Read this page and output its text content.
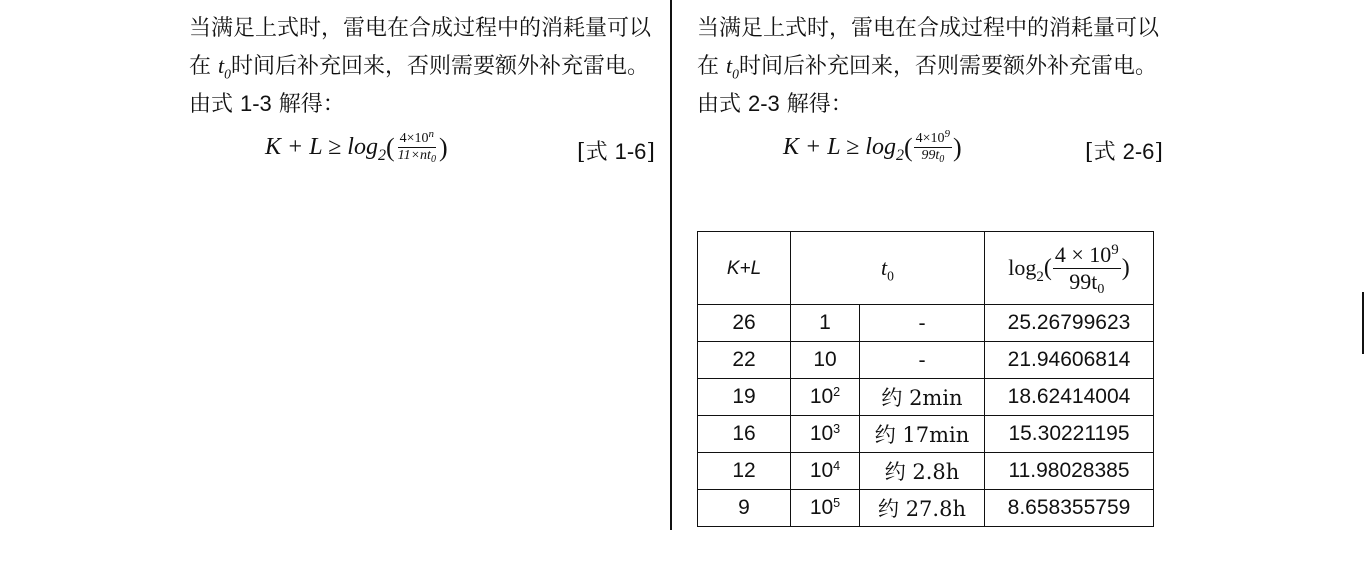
当满足上式时，雷电在合成过程中的消耗量可以在 $t_0$时间后补充回来，否则需要额外补充雷电。

由式 1-3 解得：

$K + L \ge \log_2$ ( $\frac{4\times 10^n}{11\times nt_0}$ )	[式 1-6]

当满足上式时，雷电在合成过程中的消耗量可以在 $t_0$时间后补充回来，否则需要额外补充雷电。

由式 2-3 解得：

$K + L \ge \log_2$ ( $\frac{4\times 10^9}{99t_0}$ )	[式 2-6]
K+L	$t_0$		$\log_2$ ( $\frac{4 \times 10^9}{99t_0}$ )

26	1	-	25.26799623
22	10	-	21.94606814
19	$10^2$	约 2min	18.62414004
16	$10^3$	约 17min	15.30221195
12	$10^4$	约 2.8h	11.98028385
9	$10^5$	约 27.8h	8.658355759
